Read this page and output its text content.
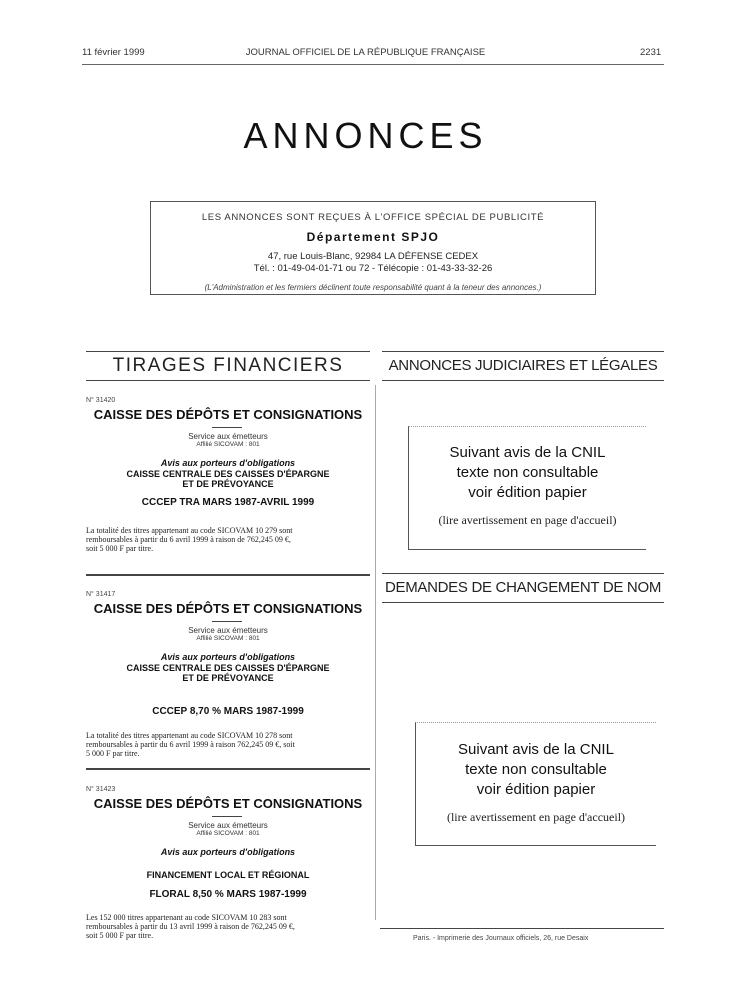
11 février 1999	JOURNAL OFFICIEL DE LA RÉPUBLIQUE FRANÇAISE	2231
ANNONCES
LES ANNONCES SONT REÇUES À L'OFFICE SPÉCIAL DE PUBLICITÉ
Département SPJO
47, rue Louis-Blanc, 92984 LA DÉFENSE CEDEX
Tél. : 01-49-04-01-71 ou 72 - Télécopie : 01-43-33-32-26
(L'Administration et les fermiers déclinent toute responsabilité quant à la teneur des annonces.)
TIRAGES FINANCIERS	ANNONCES JUDICIAIRES ET LÉGALES
DEMANDES DE CHANGEMENT DE NOM
N° 31420
CAISSE DES DÉPÔTS ET CONSIGNATIONS
Service aux émetteurs
Affilié SICOVAM : 801
Avis aux porteurs d'obligations
CAISSE CENTRALE DES CAISSES D'ÉPARGNE
ET DE PRÉVOYANCE
CCCEP TRA MARS 1987-AVRIL 1999
La totalité des titres appartenant au code SICOVAM 10 279 sont
remboursables à partir du 6 avril 1999 à raison de 762,245 09 €,
soit 5 000 F par titre.
N° 31417
CAISSE DES DÉPÔTS ET CONSIGNATIONS
Service aux émetteurs
Affilié SICOVAM : 801
Avis aux porteurs d'obligations
CAISSE CENTRALE DES CAISSES D'ÉPARGNE
ET DE PRÉVOYANCE
CCCEP 8,70 % MARS 1987-1999
La totalité des titres appartenant au code SICOVAM 10 278 sont
remboursables à partir du 6 avril 1999 à raison 762,245 09 €, soit
5 000 F par titre.
N° 31423
CAISSE DES DÉPÔTS ET CONSIGNATIONS
Service aux émetteurs
Affilié SICOVAM : 801
Avis aux porteurs d'obligations
FINANCEMENT LOCAL ET RÉGIONAL
FLORAL 8,50 % MARS 1987-1999
Les 152 000 titres appartenant au code SICOVAM 10 283 sont
remboursables à partir du 13 avril 1999 à raison de 762,245 09 €,
soit 5 000 F par titre.
Suivant avis de la CNIL
texte non consultable
voir édition papier
(lire avertissement en page d'accueil)
Suivant avis de la CNIL
texte non consultable
voir édition papier
(lire avertissement en page d'accueil)
Paris. - Imprimerie des Journaux officiels, 26, rue Desaix
